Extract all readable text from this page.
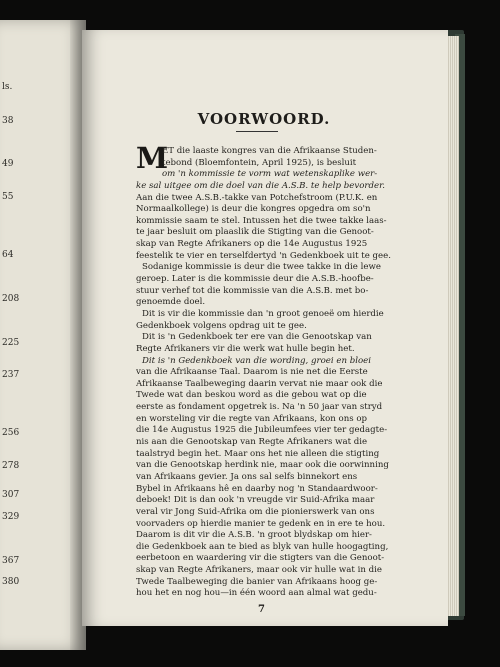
ls.
38
49
55
64
208
225
237
256
278
307
329
367
380
VOORWOORD.
M
ET die laaste kongres van die Afrikaanse Studen-
tebond (Bloemfontein, April 1925), is besluit
om 'n kommissie te vorm wat wetenskaplike wer-
ke sal uitgee om die doel van die A.S.B. te help bevorder.
Aan die twee A.S.B.-takke van Potchefstroom (P.U.K. en
Normaalkollege) is deur die kongres opgedra om so'n
kommissie saam te stel. Intussen het die twee takke laas-
te jaar besluit om plaaslik die Stigting van die Genoot-
skap van Regte Afrikaners op die 14e Augustus 1925
feestelik te vier en terselfdertyd 'n Gedenkboek uit te gee.
Sodanige kommissie is deur die twee takke in die lewe
geroep. Later is die kommissie deur die A.S.B.-hoofbe-
stuur verhef tot die kommissie van die A.S.B. met bo-
genoemde doel.
Dit is vir die kommissie dan 'n groot genoeë om hierdie
Gedenkboek volgens opdrag uit te gee.
Dit is 'n Gedenkboek ter ere van die Genootskap van
Regte Afrikaners vir die werk wat hulle begin het.
Dit is 'n Gedenkboek van die wording, groei en bloei
van die Afrikaanse Taal. Daarom is nie net die Eerste
Afrikaanse Taalbeweging daarin vervat nie maar ook die
Twede wat dan beskou word as die gebou wat op die
eerste as fondament opgetrek is. Na 'n 50 jaar van stryd
en worsteling vir die regte van Afrikaans, kon ons op
die 14e Augustus 1925 die Jubileumfees vier ter gedagte-
nis aan die Genootskap van Regte Afrikaners wat die
taalstryd begin het. Maar ons het nie alleen die stigting
van die Genootskap herdink nie, maar ook die oorwinning
van Afrikaans gevier. Ja ons sal selfs binnekort ens
Bybel in Afrikaans hê en daarby nog 'n Standaardwoor-
deboek! Dit is dan ook 'n vreugde vir Suid-Afrika maar
veral vir Jong Suid-Afrika om die pionierswerk van ons
voorvaders op hierdie manier te gedenk en in ere te hou.
Daarom is dit vir die A.S.B. 'n groot blydskap om hier-
die Gedenkboek aan te bied as blyk van hulle hoogagting,
eerbetoon en waardering vir die stigters van die Genoot-
skap van Regte Afrikaners, maar ook vir hulle wat in die
Twede Taalbeweging die banier van Afrikaans hoog ge-
hou het en nog hou—in één woord aan almal wat gedu-
7
